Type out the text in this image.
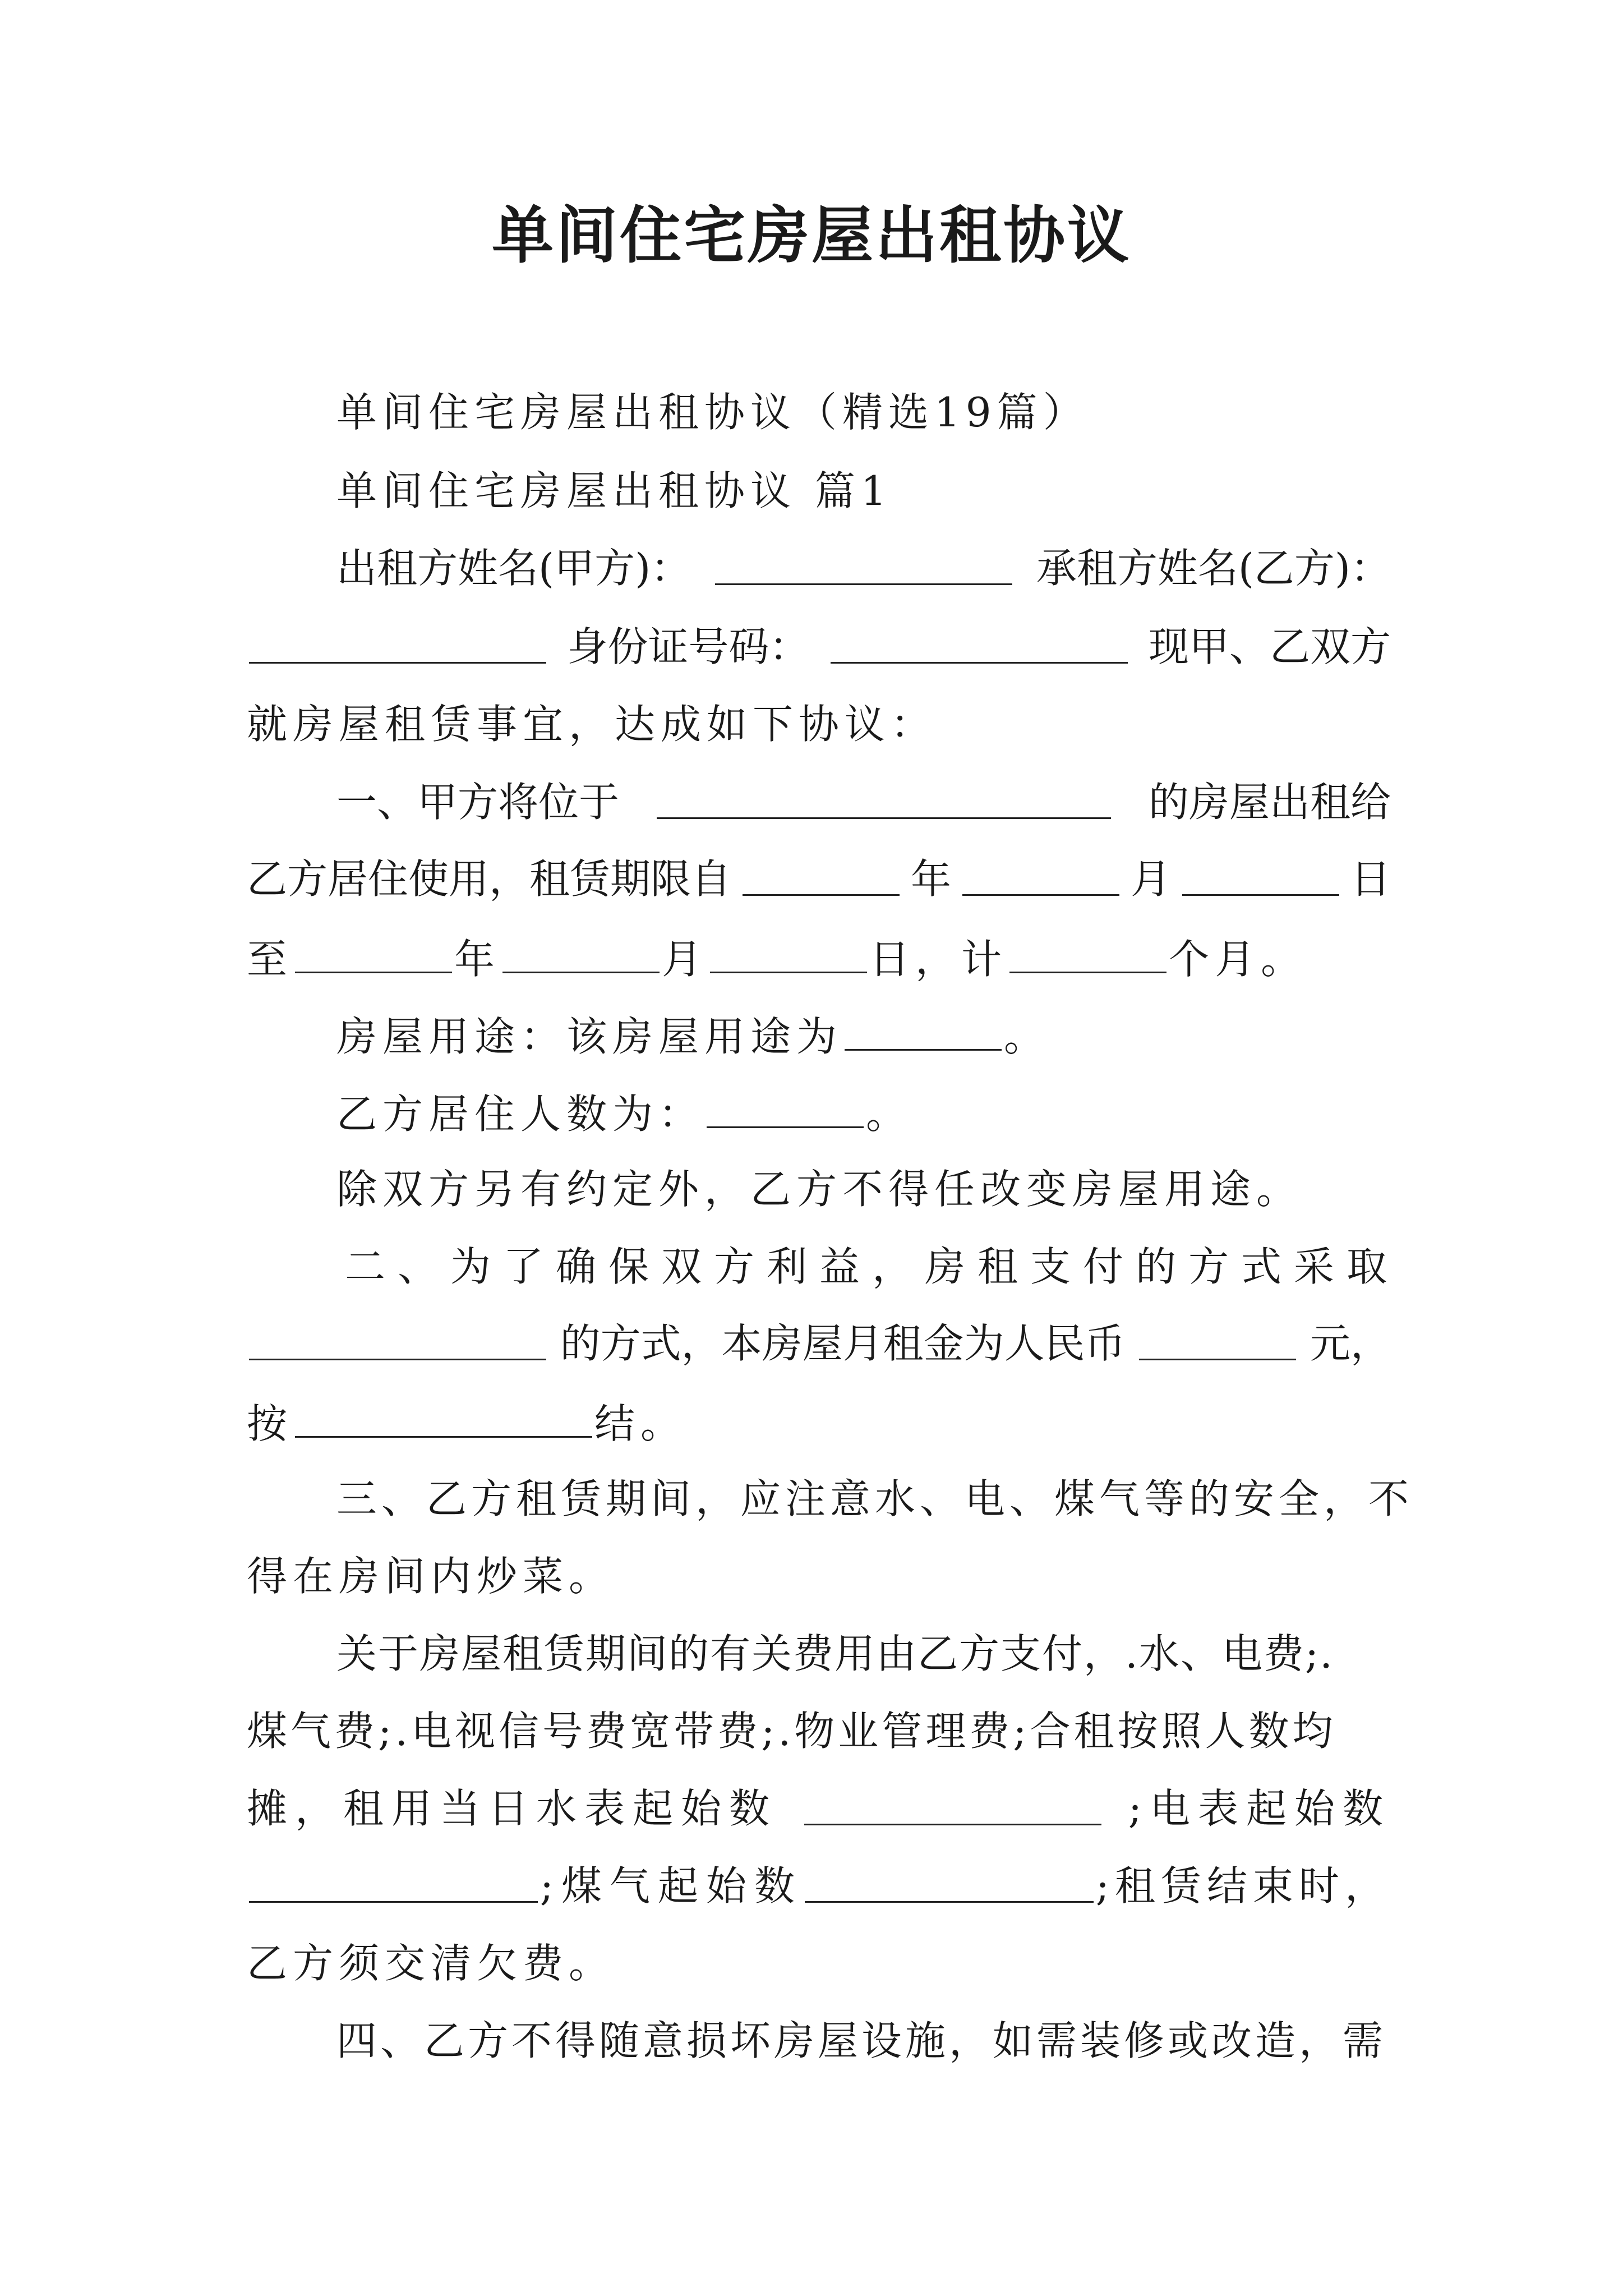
单间住宅房屋出租协议
单间住宅房屋出租协议（精选19篇）
单间住宅房屋出租协议 篇1
出租方姓名(甲方)：	承租方姓名(乙方)：
身份证号码：	现甲、乙双方
就房屋租赁事宜，达成如下协议：
一、甲方将位于	的房屋出租给
乙方居住使用，租赁期限自	年	月	日
至	年	月	日，计	个月。
房屋用途：该房屋用途为	。
乙方居住人数为：	。
除双方另有约定外，乙方不得任改变房屋用途。
二、为了确保双方利益，房租支付的方式采取
的方式，本房屋月租金为人民币	元，
按	结。
三、乙方租赁期间，应注意水、电、煤气等的安全，不
得在房间内炒菜。
关于房屋租赁期间的有关费用由乙方支付，.水、电费;.
煤气费;.电视信号费宽带费;.物业管理费;合租按照人数均
摊，租用当日水表起始数	;电表起始数
;煤气起始数	;租赁结束时，
乙方须交清欠费。
四、乙方不得随意损坏房屋设施，如需装修或改造，需
